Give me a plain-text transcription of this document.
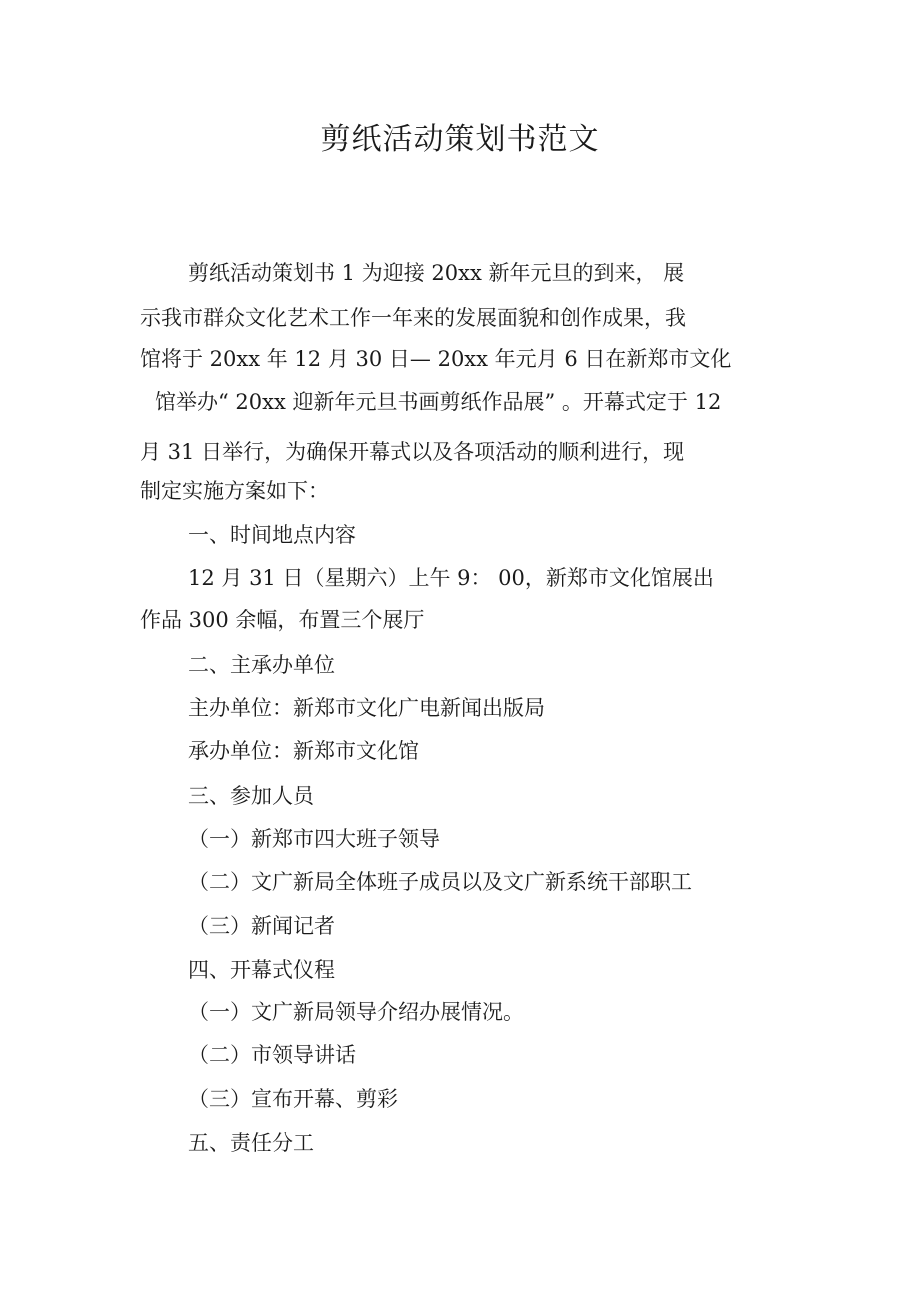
剪纸活动策划书范文
剪纸活动策划书 1 为迎接 20xx 新年元旦的到来， 展
示我市群众文化艺术工作一年来的发展面貌和创作成果，我
馆将于 20xx 年 12 月 30 日— 20xx 年元月 6 日在新郑市文化
馆举办“ 20xx 迎新年元旦书画剪纸作品展” 。开幕式定于 12
月 31 日举行，为确保开幕式以及各项活动的顺利进行，现
制定实施方案如下：
一、时间地点内容
12 月 31 日（星期六）上午 9： 00，新郑市文化馆展出
作品 300 余幅，布置三个展厅
二、主承办单位
主办单位：新郑市文化广电新闻出版局
承办单位：新郑市文化馆
三、参加人员
（一）新郑市四大班子领导
（二）文广新局全体班子成员以及文广新系统干部职工
（三）新闻记者
四、开幕式仪程
（一）文广新局领导介绍办展情况。
（二）市领导讲话
（三）宣布开幕、剪彩
五、责任分工
